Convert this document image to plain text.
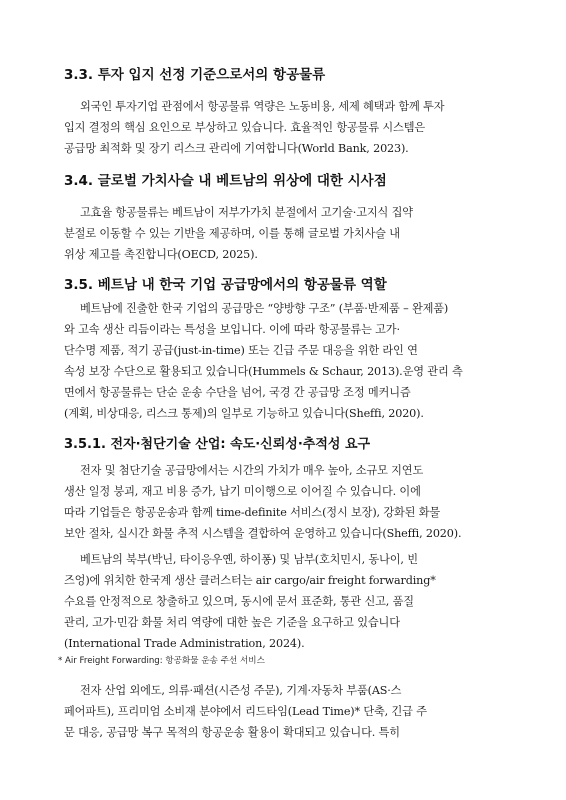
3.3. 투자 입지 선정 기준으로서의 항공물류
외국인 투자기업 관점에서 항공물류 역량은 노동비용, 세제 혜택과 함께 투자
입지 결정의 핵심 요인으로 부상하고 있습니다. 효율적인 항공물류 시스템은
공급망 최적화 및 장기 리스크 관리에 기여합니다(World Bank, 2023).
3.4. 글로벌 가치사슬 내 베트남의 위상에 대한 시사점
고효율 항공물류는 베트남이 저부가가치 분절에서 고기술·고지식 집약
분절로 이동할 수 있는 기반을 제공하며, 이를 통해 글로벌 가치사슬 내
위상 제고를 촉진합니다(OECD, 2025).
3.5. 베트남 내 한국 기업 공급망에서의 항공물류 역할
베트남에 진출한 한국 기업의 공급망은 “양방향 구조” (부품·반제품 – 완제품)
와 고속 생산 리듬이라는 특성을 보입니다. 이에 따라 항공물류는 고가·
단수명 제품, 적기 공급(just-in-time) 또는 긴급 주문 대응을 위한 라인 연
속성 보장 수단으로 활용되고 있습니다(Hummels & Schaur, 2013).운영 관리 측
면에서 항공물류는 단순 운송 수단을 넘어, 국경 간 공급망 조정 메커니즘
(계획, 비상대응, 리스크 통제)의 일부로 기능하고 있습니다(Sheffi, 2020).
3.5.1. 전자·첨단기술 산업: 속도·신뢰성·추적성 요구
전자 및 첨단기술 공급망에서는 시간의 가치가 매우 높아, 소규모 지연도
생산 일정 붕괴, 재고 비용 증가, 납기 미이행으로 이어질 수 있습니다. 이에
따라 기업들은 항공운송과 함께 time-definite 서비스(정시 보장), 강화된 화물
보안 절차, 실시간 화물 추적 시스템을 결합하여 운영하고 있습니다(Sheffi, 2020).
베트남의 북부(박닌, 타이응우옌, 하이퐁) 및 남부(호치민시, 동나이, 빈
즈엉)에 위치한 한국계 생산 클러스터는 air cargo/air freight forwarding*
수요를 안정적으로 창출하고 있으며, 동시에 문서 표준화, 통관 신고, 품질
관리, 고가·민감 화물 처리 역량에 대한 높은 기준을 요구하고 있습니다
(International Trade Administration, 2024).

* Air Freight Forwarding: 항공화물 운송 주선 서비스

전자 산업 외에도, 의류·패션(시즌성 주문), 기계·자동차 부품(AS·스
페어파트), 프리미엄 소비재 분야에서 리드타임(Lead Time)* 단축, 긴급 주
문 대응, 공급망 복구 목적의 항공운송 활용이 확대되고 있습니다. 특히
